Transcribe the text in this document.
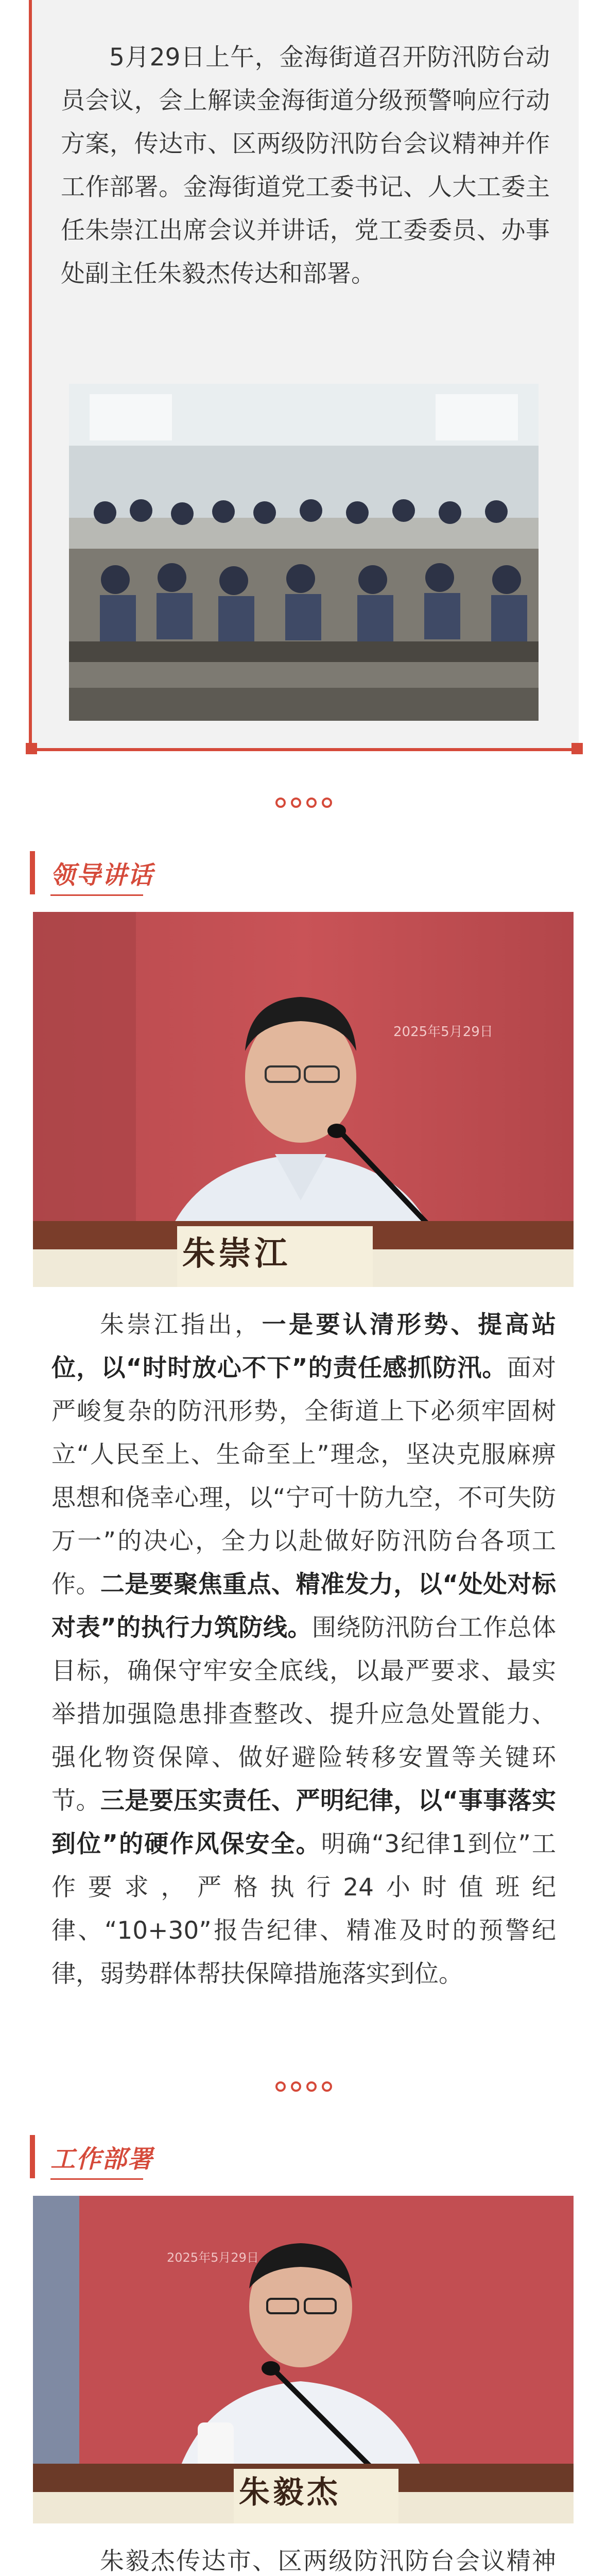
5月29日上午，金海街道召开防汛防台动员会议，会上解读金海街道分级预警响应行动方案，传达市、区两级防汛防台会议精神并作工作部署。金海街道党工委书记、人大工委主任朱崇江出席会议并讲话，党工委委员、办事处副主任朱毅杰传达和部署。

领导讲话
朱崇江
2025年5月29日

朱崇江指出，一是要认清形势、提高站位，以“时时放心不下”的责任感抓防汛。面对严峻复杂的防汛形势，全街道上下必须牢固树立“人民至上、生命至上”理念，坚决克服麻痹思想和侥幸心理，以“宁可十防九空，不可失防万一”的决心，全力以赴做好防汛防台各项工作。二是要聚焦重点、精准发力，以“处处对标对表”的执行力筑防线。围绕防汛防台工作总体目标，确保守牢安全底线，以最严要求、最实举措加强隐患排查整改、提升应急处置能力、强化物资保障、做好避险转移安置等关键环节。三是要压实责任、严明纪律，以“事事落实到位”的硬作风保安全。明确“3纪律1到位”工作要求，严格执行24小时值班纪律、“10+30”报告纪律、精准及时的预警纪律，弱势群体帮扶保障措施落实到位。

工作部署
朱毅杰
2025年5月29日

朱毅杰传达市、区两级防汛防台会议精神
